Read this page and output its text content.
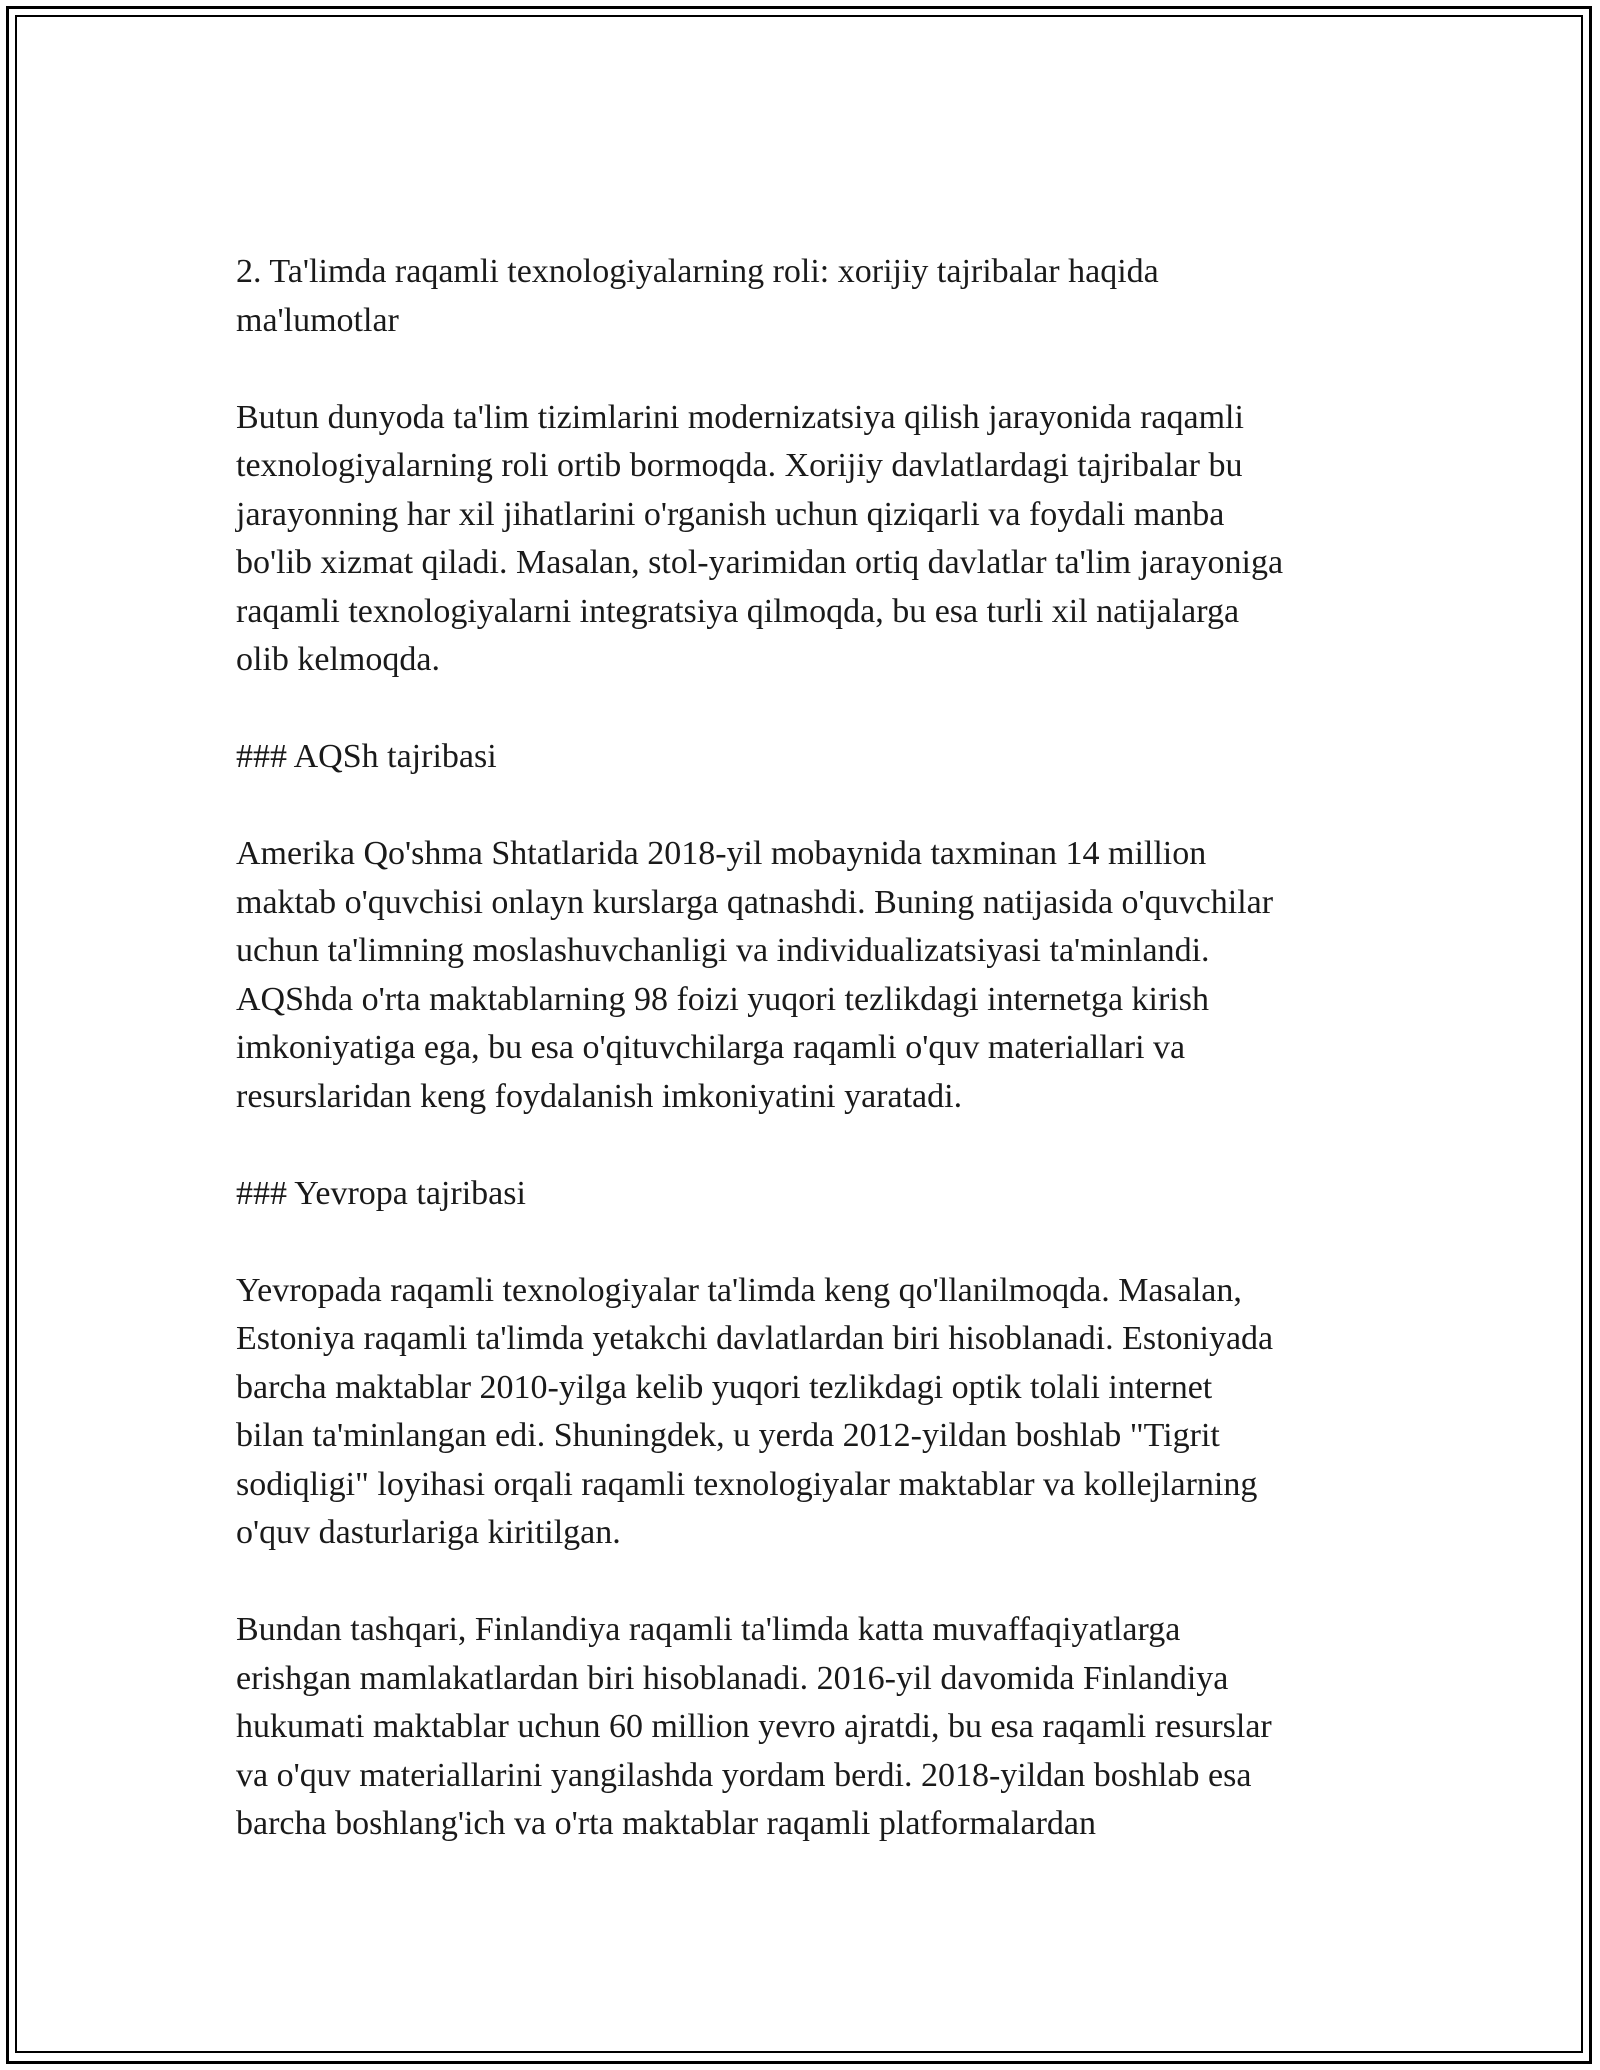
2. Ta'limda raqamli texnologiyalarning roli: xorijiy tajribalar haqida
ma'lumotlar
Butun dunyoda ta'lim tizimlarini modernizatsiya qilish jarayonida raqamli
texnologiyalarning roli ortib bormoqda. Xorijiy davlatlardagi tajribalar bu
jarayonning har xil jihatlarini o'rganish uchun qiziqarli va foydali manba
bo'lib xizmat qiladi. Masalan, stol-yarimidan ortiq davlatlar ta'lim jarayoniga
raqamli texnologiyalarni integratsiya qilmoqda, bu esa turli xil natijalarga
olib kelmoqda.
### AQSh tajribasi
Amerika Qo'shma Shtatlarida 2018-yil mobaynida taxminan 14 million
maktab o'quvchisi onlayn kurslarga qatnashdi. Buning natijasida o'quvchilar
uchun ta'limning moslashuvchanligi va individualizatsiyasi ta'minlandi.
AQShda o'rta maktablarning 98 foizi yuqori tezlikdagi internetga kirish
imkoniyatiga ega, bu esa o'qituvchilarga raqamli o'quv materiallari va
resurslaridan keng foydalanish imkoniyatini yaratadi.
### Yevropa tajribasi
Yevropada raqamli texnologiyalar ta'limda keng qo'llanilmoqda. Masalan,
Estoniya raqamli ta'limda yetakchi davlatlardan biri hisoblanadi. Estoniyada
barcha maktablar 2010-yilga kelib yuqori tezlikdagi optik tolali internet
bilan ta'minlangan edi. Shuningdek, u yerda 2012-yildan boshlab "Tigrit
sodiqligi" loyihasi orqali raqamli texnologiyalar maktablar va kollejlarning
o'quv dasturlariga kiritilgan.
Bundan tashqari, Finlandiya raqamli ta'limda katta muvaffaqiyatlarga
erishgan mamlakatlardan biri hisoblanadi. 2016-yil davomida Finlandiya
hukumati maktablar uchun 60 million yevro ajratdi, bu esa raqamli resurslar
va o'quv materiallarini yangilashda yordam berdi. 2018-yildan boshlab esa
barcha boshlang'ich va o'rta maktablar raqamli platformalardan
